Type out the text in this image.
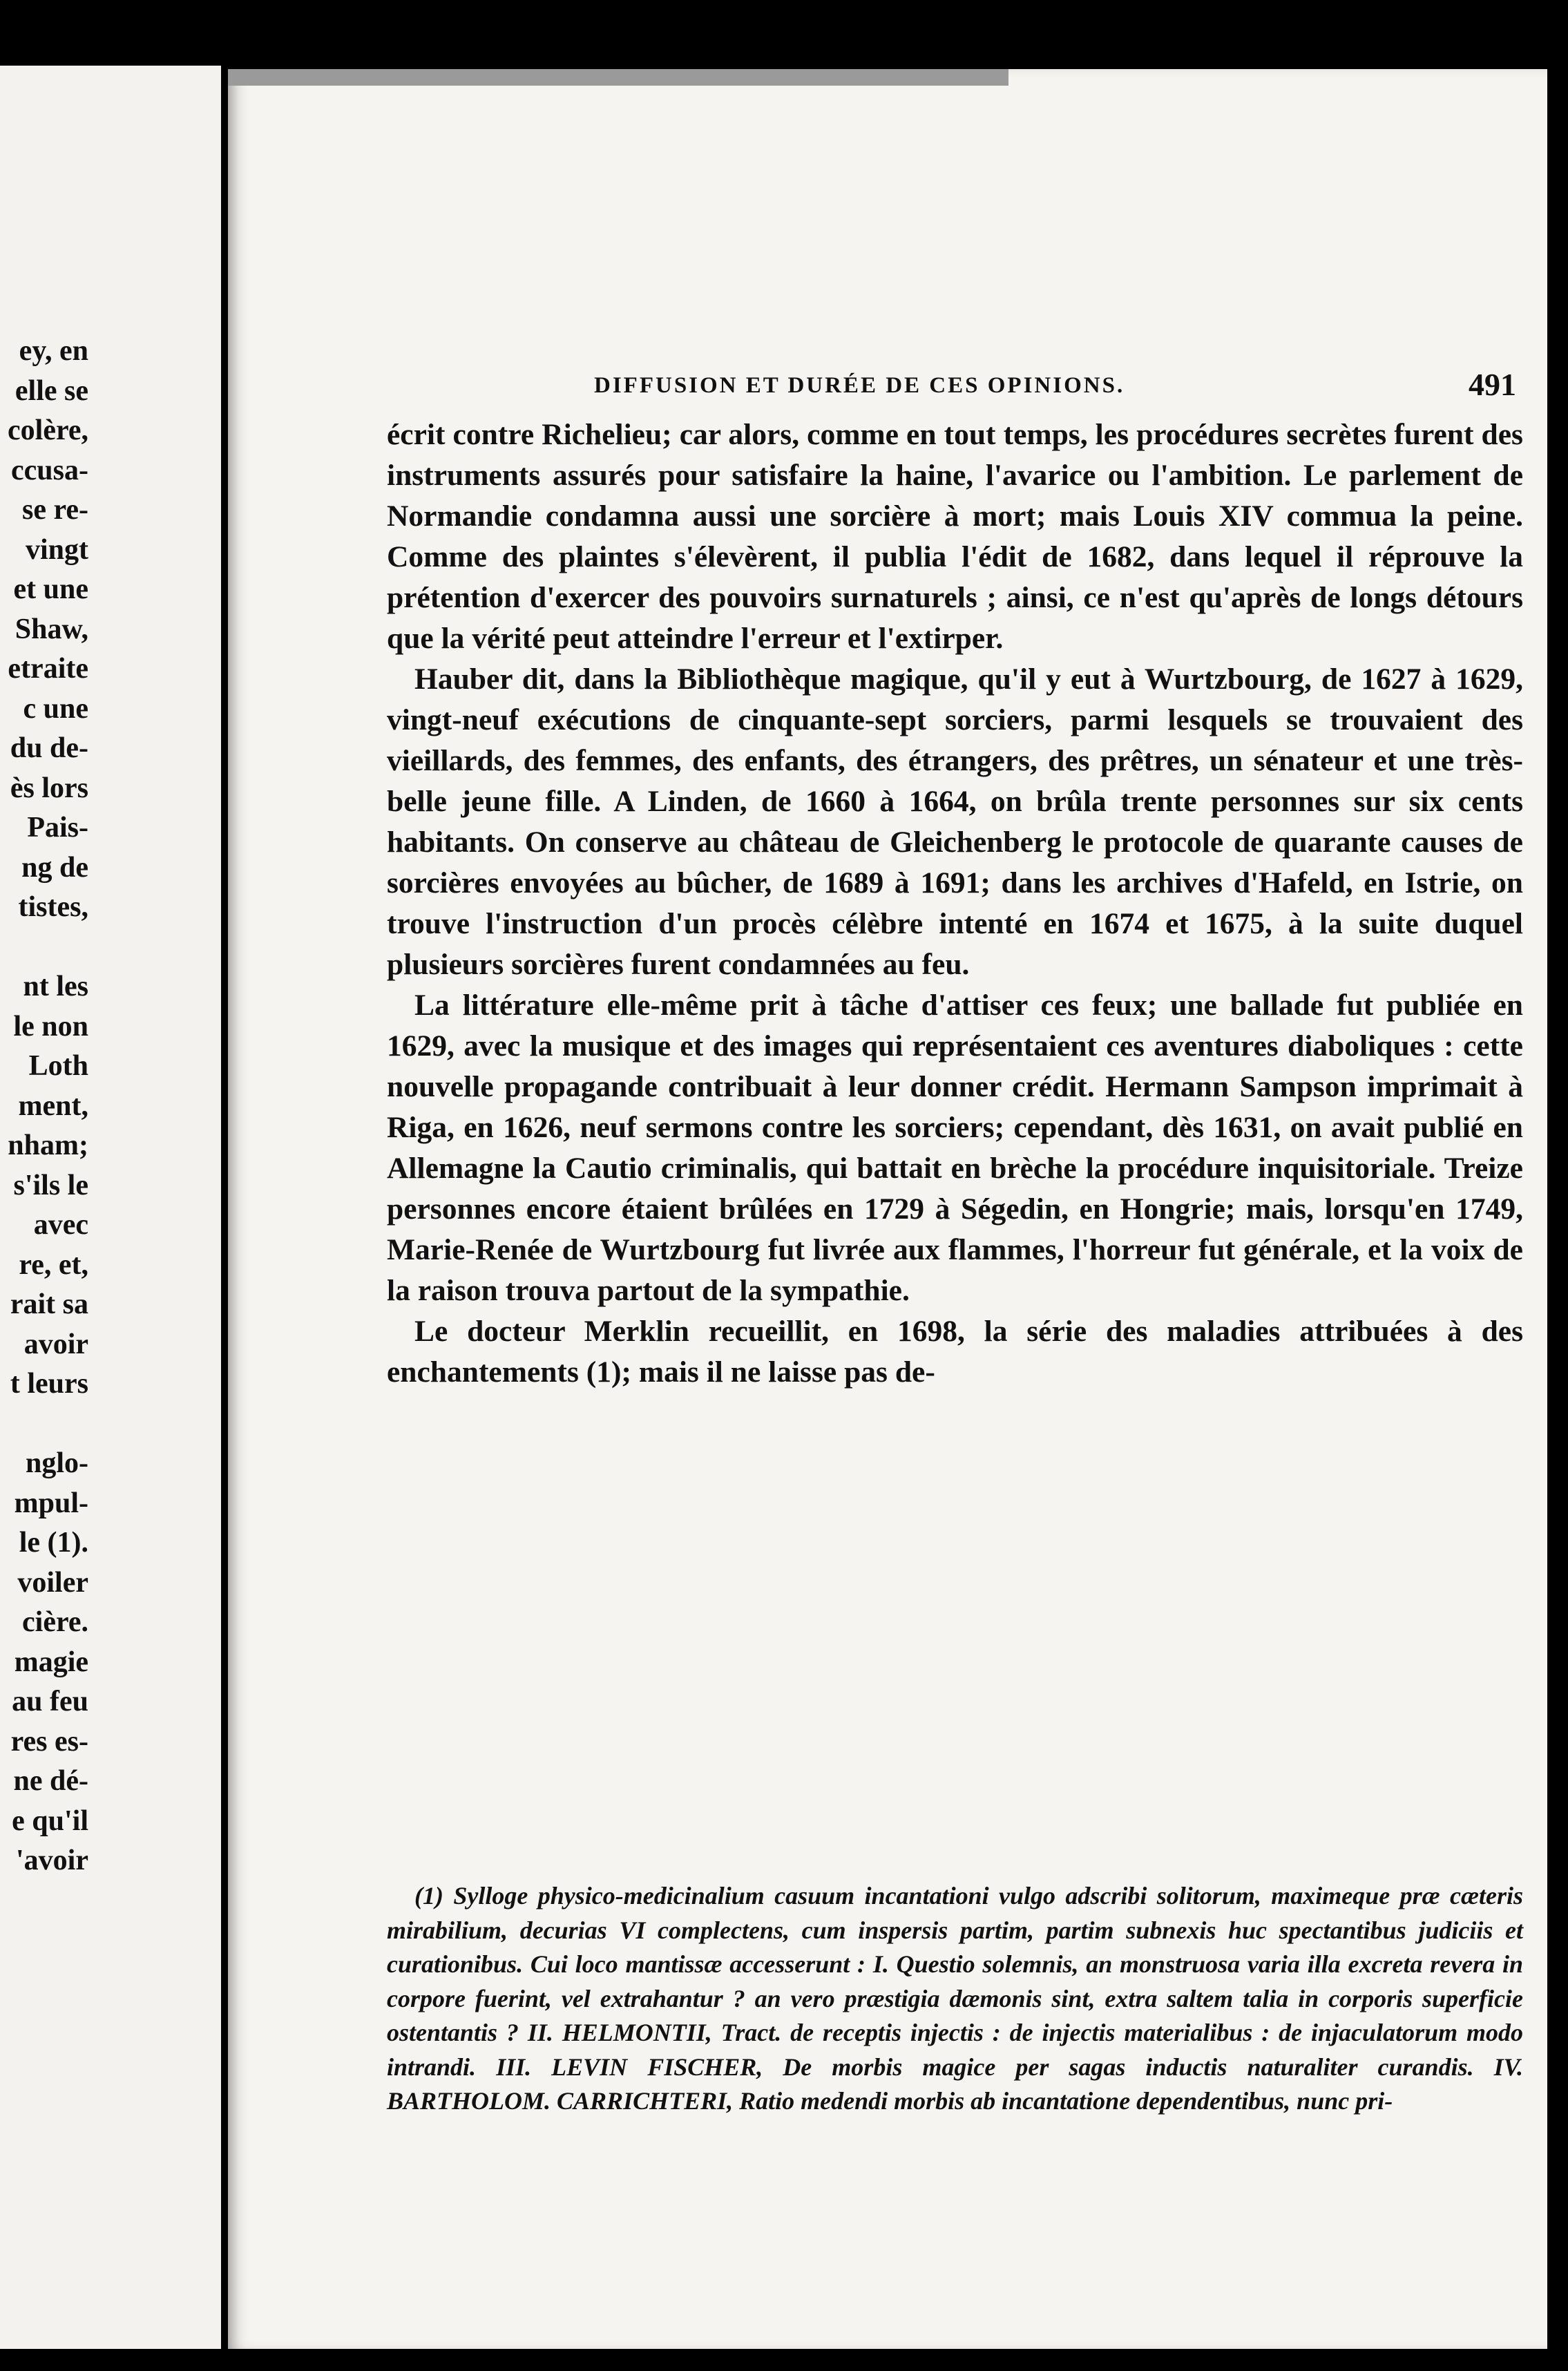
ey, en
elle se
colère,
ccusa-
se re-
vingt
et une
Shaw,
etraite
c une
du de-
ès lors
Pais-
ng de
tistes,
nt les
le non
Loth
ment,
nham;
s'ils le
avec
re, et,
rait sa
avoir
t leurs
nglo-
mpul-
le (1).
voiler
cière.
magie
au feu
res es-
ne dé-
e qu'il
'avoir
DIFFUSION ET DURÉE DE CES OPINIONS.	491

écrit contre Richelieu; car alors, comme en tout temps, les procédures secrètes furent des instruments assurés pour satisfaire la haine, l'avarice ou l'ambition. Le parlement de Normandie condamna aussi une sorcière à mort; mais Louis XIV commua la peine. Comme des plaintes s'élevèrent, il publia l'édit de 1682, dans lequel il réprouve la prétention d'exercer des pouvoirs surnaturels ; ainsi, ce n'est qu'après de longs détours que la vérité peut atteindre l'erreur et l'extirper.

Hauber dit, dans la Bibliothèque magique, qu'il y eut à Wurtzbourg, de 1627 à 1629, vingt-neuf exécutions de cinquante-sept sorciers, parmi lesquels se trouvaient des vieillards, des femmes, des enfants, des étrangers, des prêtres, un sénateur et une très-belle jeune fille. A Linden, de 1660 à 1664, on brûla trente personnes sur six cents habitants. On conserve au château de Gleichenberg le protocole de quarante causes de sorcières envoyées au bûcher, de 1689 à 1691; dans les archives d'Hafeld, en Istrie, on trouve l'instruction d'un procès célèbre intenté en 1674 et 1675, à la suite duquel plusieurs sorcières furent condamnées au feu.

La littérature elle-même prit à tâche d'attiser ces feux; une ballade fut publiée en 1629, avec la musique et des images qui représentaient ces aventures diaboliques : cette nouvelle propagande contribuait à leur donner crédit. Hermann Sampson imprimait à Riga, en 1626, neuf sermons contre les sorciers; cependant, dès 1631, on avait publié en Allemagne la Cautio criminalis, qui battait en brèche la procédure inquisitoriale. Treize personnes encore étaient brûlées en 1729 à Ségedin, en Hongrie; mais, lorsqu'en 1749, Marie-Renée de Wurtzbourg fut livrée aux flammes, l'horreur fut générale, et la voix de la raison trouva partout de la sympathie.

Le docteur Merklin recueillit, en 1698, la série des maladies attribuées à des enchantements (1); mais il ne laisse pas de-

(1) Sylloge physico-medicinalium casuum incantationi vulgo adscribi solitorum, maximeque præ cæteris mirabilium, decurias VI complectens, cum inspersis partim, partim subnexis huc spectantibus judiciis et curationibus. Cui loco mantissæ accesserunt : I. Questio solemnis, an monstruosa varia illa excreta revera in corpore fuerint, vel extrahantur ? an vero præstigia dæmonis sint, extra saltem talia in corporis superficie ostentantis ? II. HELMONTII, Tract. de receptis injectis : de injectis materialibus : de injaculatorum modo intrandi. III. LEVIN FISCHER, De morbis magice per sagas inductis naturaliter curandis. IV. BARTHOLOM. CARRICHTERI, Ratio medendi morbis ab incantatione dependentibus, nunc pri-
